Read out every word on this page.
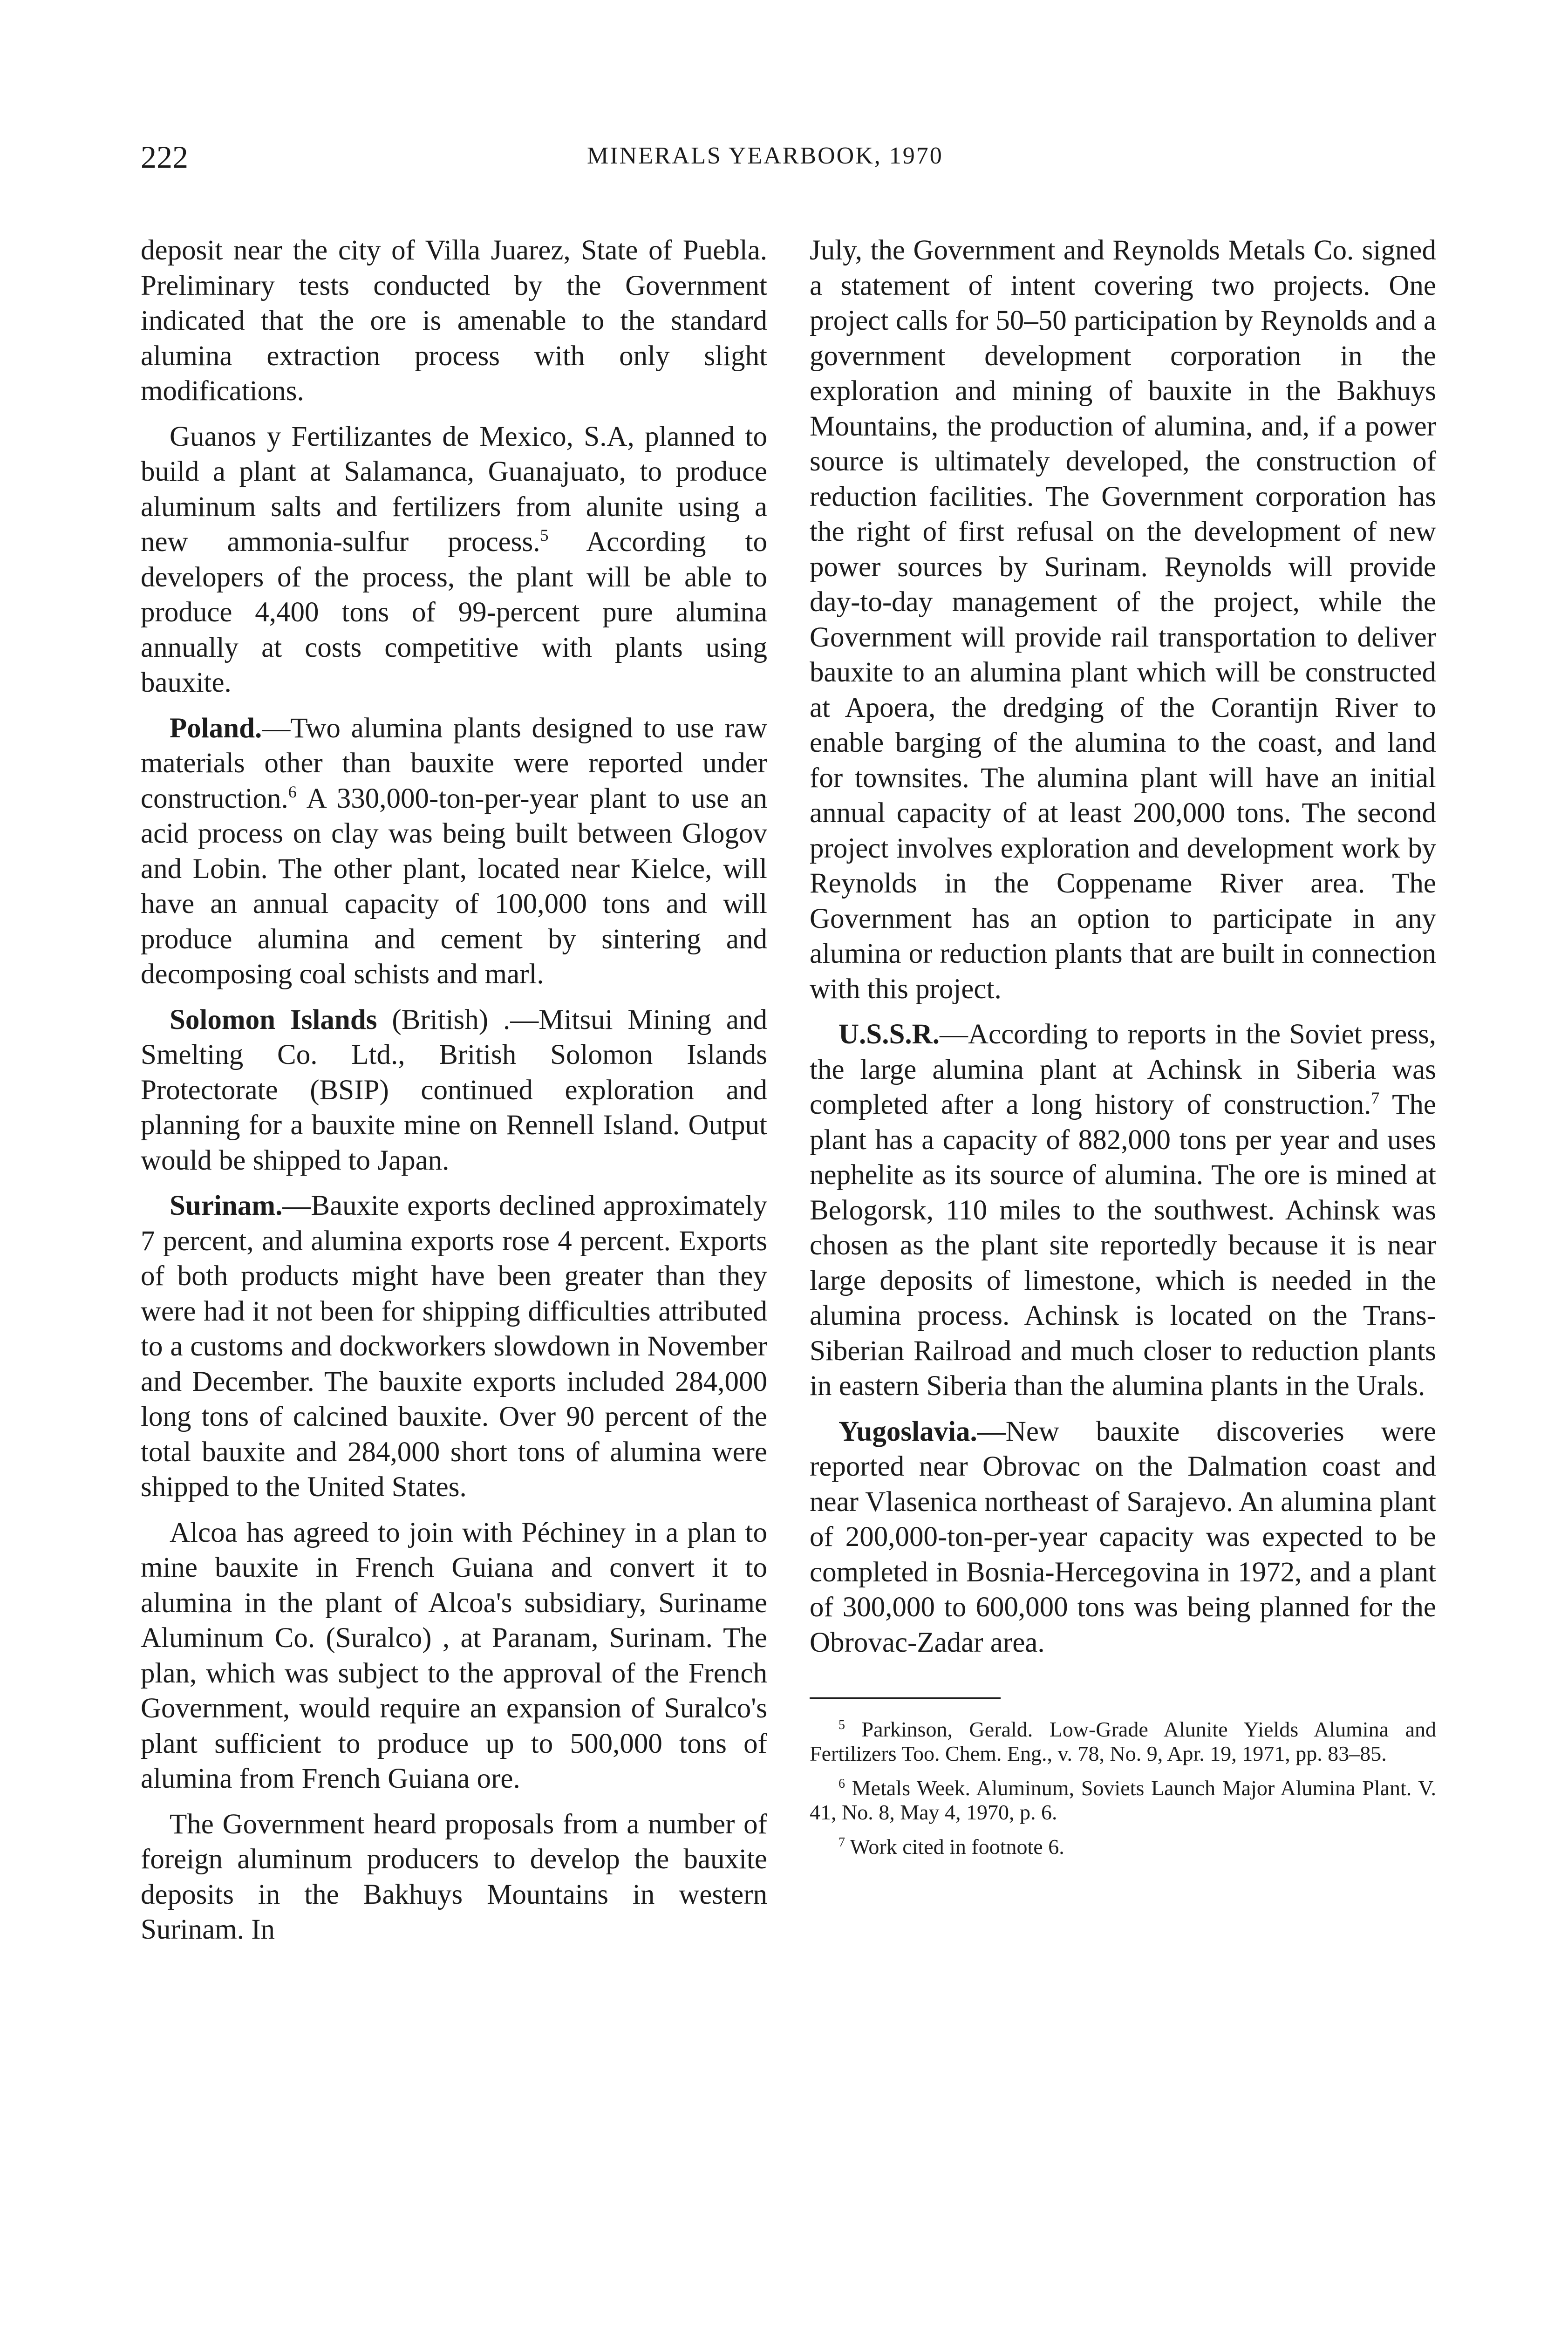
222	MINERALS YEARBOOK, 1970

deposit near the city of Villa Juarez, State of Puebla. Preliminary tests conducted by the Government indicated that the ore is amenable to the standard alumina extraction process with only slight modifications.

Guanos y Fertilizantes de Mexico, S.A, planned to build a plant at Salamanca, Guanajuato, to produce aluminum salts and fertilizers from alunite using a new ammonia-sulfur process.$^5$ According to developers of the process, the plant will be able to produce 4,400 tons of 99-percent pure alumina annually at costs competitive with plants using bauxite.

Poland.—Two alumina plants designed to use raw materials other than bauxite were reported under construction.$^6$ A 330,000-ton-per-year plant to use an acid process on clay was being built between Glogov and Lobin. The other plant, located near Kielce, will have an annual capacity of 100,000 tons and will produce alumina and cement by sintering and decomposing coal schists and marl.

Solomon Islands (British) .—Mitsui Mining and Smelting Co. Ltd., British Solomon Islands Protectorate (BSIP) continued exploration and planning for a bauxite mine on Rennell Island. Output would be shipped to Japan.

Surinam.—Bauxite exports declined approximately 7 percent, and alumina exports rose 4 percent. Exports of both products might have been greater than they were had it not been for shipping difficulties attributed to a customs and dockworkers slowdown in November and December. The bauxite exports included 284,000 long tons of calcined bauxite. Over 90 percent of the total bauxite and 284,000 short tons of alumina were shipped to the United States.

Alcoa has agreed to join with Péchiney in a plan to mine bauxite in French Guiana and convert it to alumina in the plant of Alcoa's subsidiary, Suriname Aluminum Co. (Suralco) , at Paranam, Surinam. The plan, which was subject to the approval of the French Government, would require an expansion of Suralco's plant sufficient to produce up to 500,000 tons of alumina from French Guiana ore.

The Government heard proposals from a number of foreign aluminum producers to develop the bauxite deposits in the Bakhuys Mountains in western Surinam. In

July, the Government and Reynolds Metals Co. signed a statement of intent covering two projects. One project calls for 50–50 participation by Reynolds and a government development corporation in the exploration and mining of bauxite in the Bakhuys Mountains, the production of alumina, and, if a power source is ultimately developed, the construction of reduction facilities. The Government corporation has the right of first refusal on the development of new power sources by Surinam. Reynolds will provide day-to-day management of the project, while the Government will provide rail transportation to deliver bauxite to an alumina plant which will be constructed at Apoera, the dredging of the Corantijn River to enable barging of the alumina to the coast, and land for townsites. The alumina plant will have an initial annual capacity of at least 200,000 tons. The second project involves exploration and development work by Reynolds in the Coppename River area. The Government has an option to participate in any alumina or reduction plants that are built in connection with this project.

U.S.S.R.—According to reports in the Soviet press, the large alumina plant at Achinsk in Siberia was completed after a long history of construction.$^7$ The plant has a capacity of 882,000 tons per year and uses nephelite as its source of alumina. The ore is mined at Belogorsk, 110 miles to the southwest. Achinsk was chosen as the plant site reportedly because it is near large deposits of limestone, which is needed in the alumina process. Achinsk is located on the Trans-Siberian Railroad and much closer to reduction plants in eastern Siberia than the alumina plants in the Urals.

Yugoslavia.—New bauxite discoveries were reported near Obrovac on the Dalmation coast and near Vlasenica northeast of Sarajevo. An alumina plant of 200,000-ton-per-year capacity was expected to be completed in Bosnia-Hercegovina in 1972, and a plant of 300,000 to 600,000 tons was being planned for the Obrovac-Zadar area.

$^5$ Parkinson, Gerald. Low-Grade Alunite Yields Alumina and Fertilizers Too. Chem. Eng., v. 78, No. 9, Apr. 19, 1971, pp. 83–85.

$^6$ Metals Week. Aluminum, Soviets Launch Major Alumina Plant. V. 41, No. 8, May 4, 1970, p. 6.

$^7$ Work cited in footnote 6.
